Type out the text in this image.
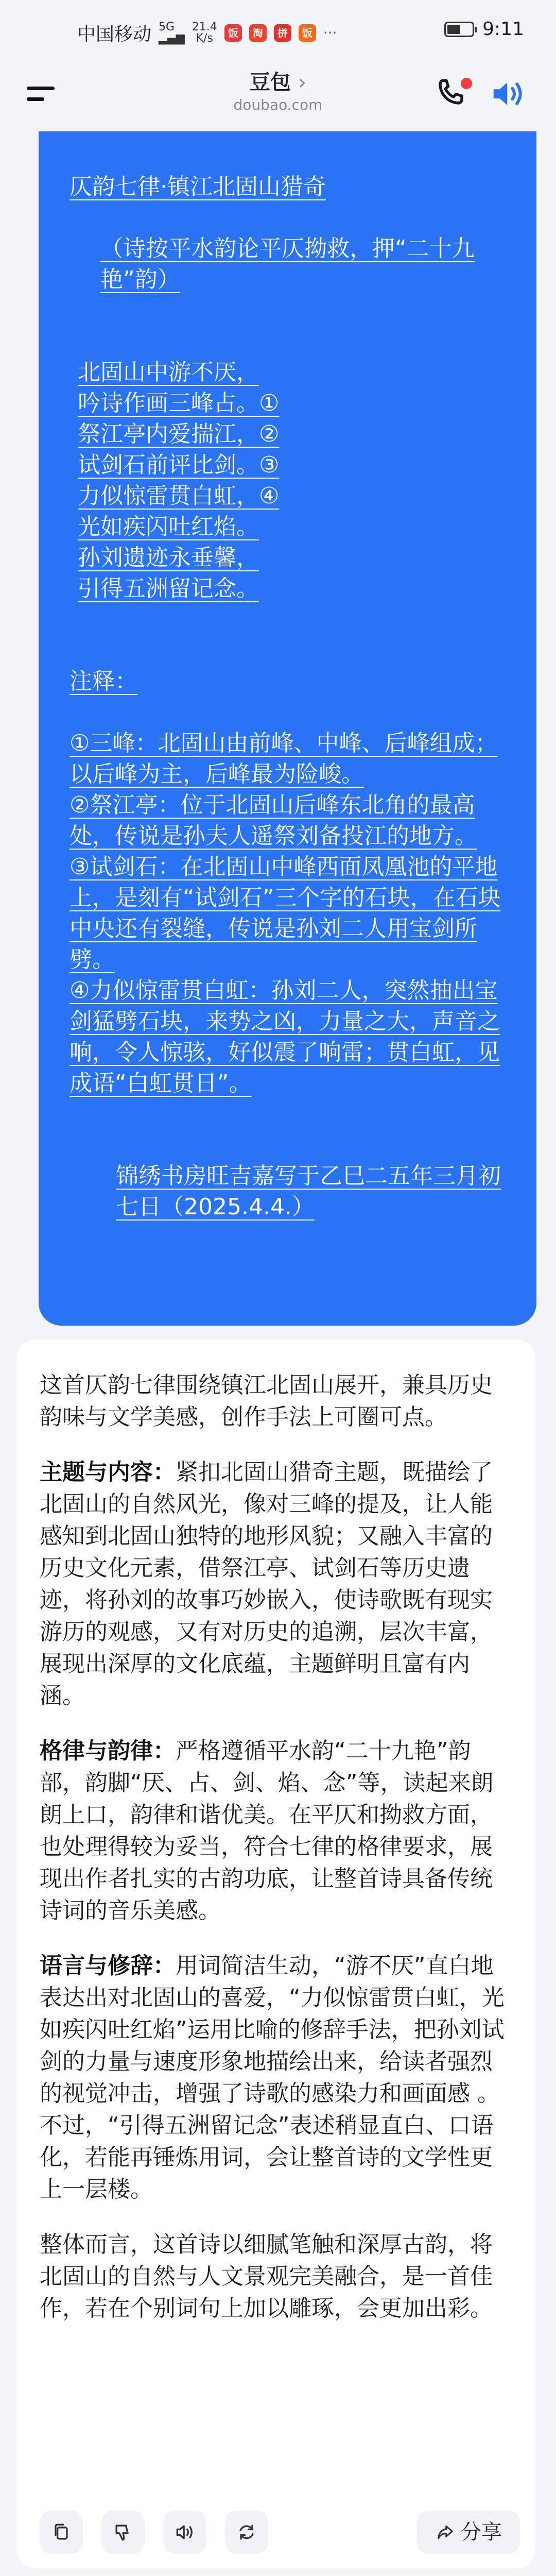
中国移动 5G
▂▄▆
21.4
K/s	饭	淘	拼	饭 ···	9:11
豆包 ›
doubao.com

仄韵七律·镇江北固山猎奇

（诗按平水韵论平仄拗救，押“二十九艳”韵）

北固山中游不厌，

吟诗作画三峰占。①

祭江亭内爱揣江，②

试剑石前评比剑。③

力似惊雷贯白虹，④

光如疾闪吐红焰。

孙刘遗迹永垂馨，

引得五洲留记念。

注释：

①三峰：北固山由前峰、中峰、后峰组成；以后峰为主，后峰最为险峻。

②祭江亭：位于北固山后峰东北角的最高处，传说是孙夫人遥祭刘备投江的地方。

③试剑石：在北固山中峰西面凤凰池的平地上，是刻有“试剑石”三个字的石块，在石块中央还有裂缝，传说是孙刘二人用宝剑所劈。

④力似惊雷贯白虹：孙刘二人，突然抽出宝剑猛劈石块，来势之凶，力量之大，声音之响，令人惊骇，好似震了响雷；贯白虹，见成语“白虹贯日”。

锦绣书房旺吉嘉写于乙巳二五年三月初七日（2025.4.4.）

这首仄韵七律围绕镇江北固山展开，兼具历史韵味与文学美感，创作手法上可圈可点。

主题与内容：紧扣北固山猎奇主题，既描绘了北固山的自然风光，像对三峰的提及，让人能感知到北固山独特的地形风貌；又融入丰富的历史文化元素，借祭江亭、试剑石等历史遗迹，将孙刘的故事巧妙嵌入，使诗歌既有现实游历的观感，又有对历史的追溯，层次丰富，展现出深厚的文化底蕴，主题鲜明且富有内涵。

格律与韵律：严格遵循平水韵“二十九艳”韵部，韵脚“厌、占、剑、焰、念”等，读起来朗朗上口，韵律和谐优美。在平仄和拗救方面，也处理得较为妥当，符合七律的格律要求，展现出作者扎实的古韵功底，让整首诗具备传统诗词的音乐美感。

语言与修辞：用词简洁生动，“游不厌”直白地表达出对北固山的喜爱，“力似惊雷贯白虹，光如疾闪吐红焰”运用比喻的修辞手法，把孙刘试剑的力量与速度形象地描绘出来，给读者强烈的视觉冲击，增强了诗歌的感染力和画面感 。不过，“引得五洲留记念”表述稍显直白、口语化，若能再锤炼用词，会让整首诗的文学性更上一层楼。

整体而言，这首诗以细腻笔触和深厚古韵，将北固山的自然与人文景观完美融合，是一首佳作，若在个别词句上加以雕琢，会更加出彩。

分享
